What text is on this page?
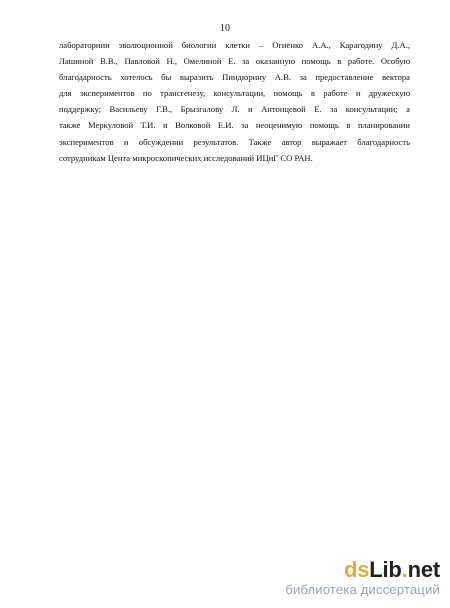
10
лабораториии эволюционной биологии клетки – Огиенко А.А., Карагодину Д.А.,
Лашиной В.В., Павловой Н., Омелиной Е. за оказанную помощь в работе. Особую
благодарность хотелось бы выразить Пиндюрину А.В. за предоставление вектора
для экспериментов по трансгенезу, консультации, помощь в работе и дружескую
поддержку; Васильеву Г.В., Брызгалову Л. и Антонцевой Е. за консультации; а
также Меркуловой Т.И. и Волковой Е.И. за неоценимую помощь в планировании
экспериментов и обсуждении результатов. Также автор выражает благодарность
сотрудникам Цента микроскопических исследований ИЦиГ СО РАН.
dsLib.net
библиотека диссертаций
